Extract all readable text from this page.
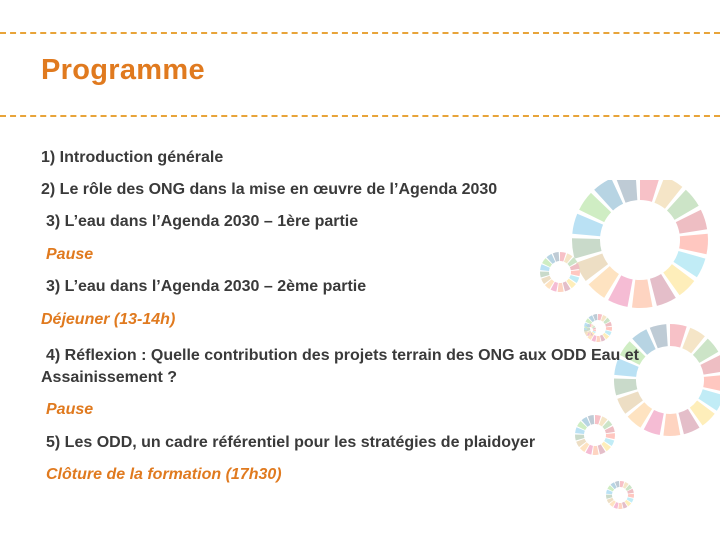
Programme
1) Introduction générale
2) Le rôle des ONG dans la mise en œuvre de l’Agenda 2030
3) L’eau dans l’Agenda 2030 – 1ère partie
Pause
3) L’eau dans l’Agenda 2030 – 2ème partie
Déjeuner (13-14h)
4) Réflexion : Quelle contribution des projets terrain des ONG aux ODD Eau et Assainissement ?
Pause
5) Les ODD, un cadre référentiel pour les stratégies de plaidoyer
Clôture de la formation (17h30)
